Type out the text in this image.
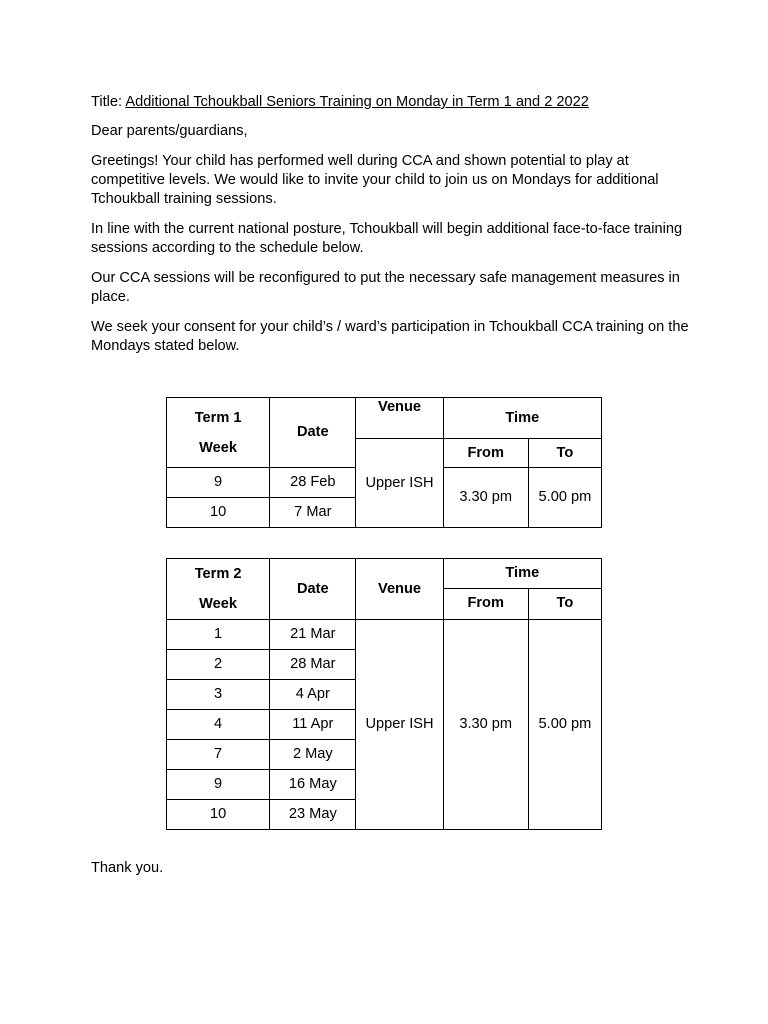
Title: Additional Tchoukball Seniors Training on Monday in Term 1 and 2 2022
Dear parents/guardians,
Greetings! Your child has performed well during CCA and shown potential to play at competitive levels. We would like to invite your child to join us on Mondays for additional Tchoukball training sessions.
In line with the current national posture, Tchoukball will begin additional face-to-face training sessions according to the schedule below.
Our CCA sessions will be reconfigured to put the necessary safe management measures in place.
We seek your consent for your child’s / ward’s participation in Tchoukball CCA training on the Mondays stated below.
Term 1
Week	Date	Venue	Time	
		Upper ISH	From	To
9	28 Feb		3.30 pm	5.00 pm
10	7 Mar			
Term 2
Week	Date	Venue	Time	
			From	To
1	21 Mar	Upper ISH	3.30 pm	5.00 pm
2	28 Mar			
3	4 Apr			
4	11 Apr			
7	2 May			
9	16 May			
10	23 May			
Thank you.
